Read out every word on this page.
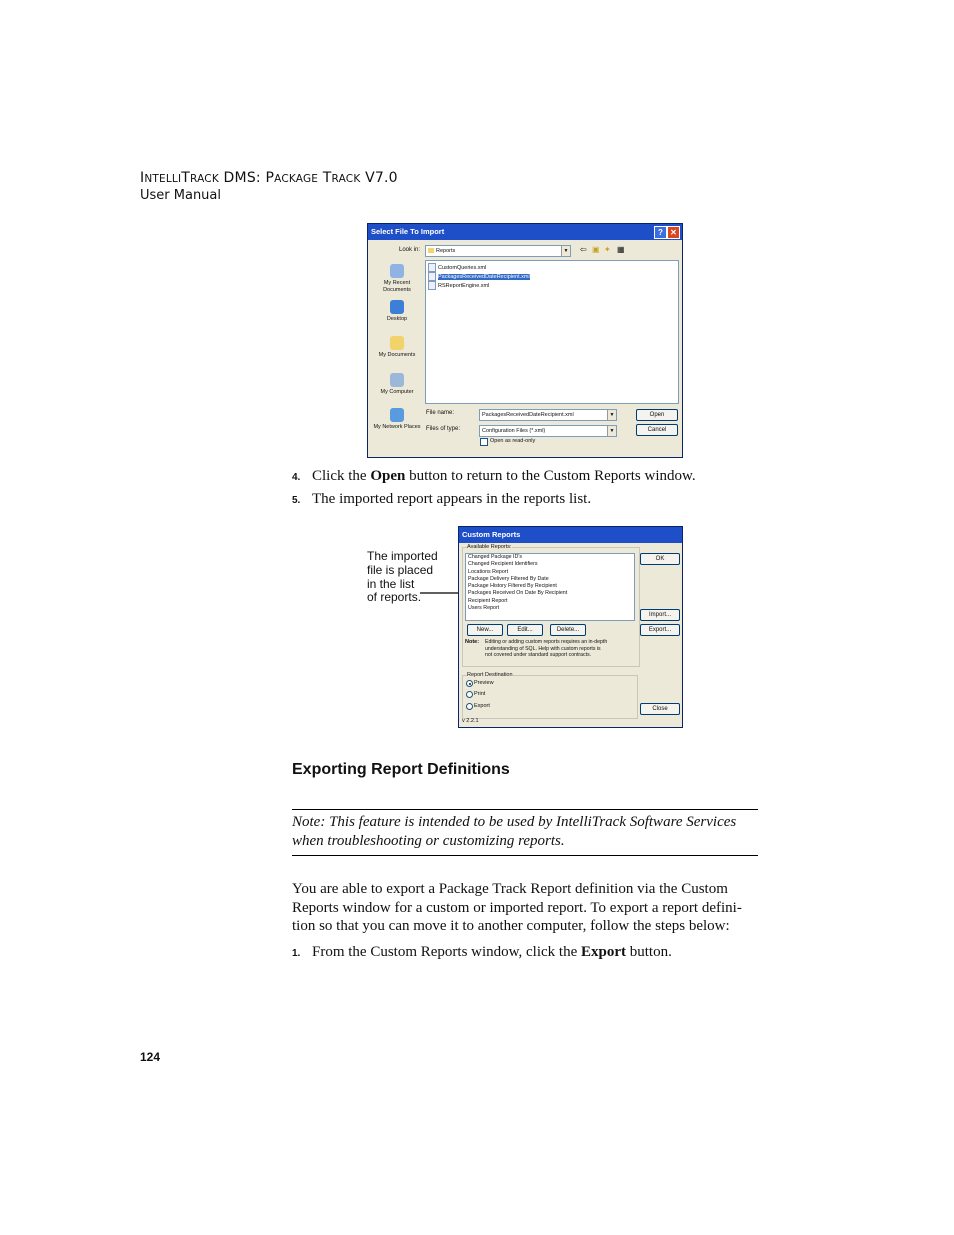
INTELLITRACK DMS: PACKAGE TRACK V7.0
User Manual
Select File To Import	? ✕
Look in:	Reports	▼ ⇦ ▣ ✦ ▦
My Recent Documents
Desktop
My Documents
My Computer
My Network Places
CustomQueries.xml
PackagesReceivedDateRecipient.xml
RSReportEngine.xml
File name:	PackagesReceivedDateRecipient.xml	▼
Files of type:	Configuration Files (*.xml)	▼
Open as read-only
Open
Cancel
4. Click the Open button to return to the Custom Reports window.
5. The imported report appears in the reports list.
The imported
file is placed
in the list
of reports.
Custom Reports
Available Reports:
Changed Package ID's
Changed Recipient Identifiers
Locations Report
Package Delivery Filtered By Date
Package History Filtered By Recipient
Packages Received On Date By Recipient
Recipient Report
Users Report
New...	Edit...	Delete...
Note: Editing or adding custom reports requires an in-depth
understanding of SQL. Help with custom reports is
not covered under standard support contracts.
OK
Import...
Export...
Report Destination
Preview
Print
Export	Close
v 2.2.1
Exporting Report Definitions
Note: This feature is intended to be used by IntelliTrack Software Services when troubleshooting or customizing reports.
You are able to export a Package Track Report definition via the Custom Reports window for a custom or imported report. To export a report defini- tion so that you can move it to another computer, follow the steps below:
1. From the Custom Reports window, click the Export button.
124
